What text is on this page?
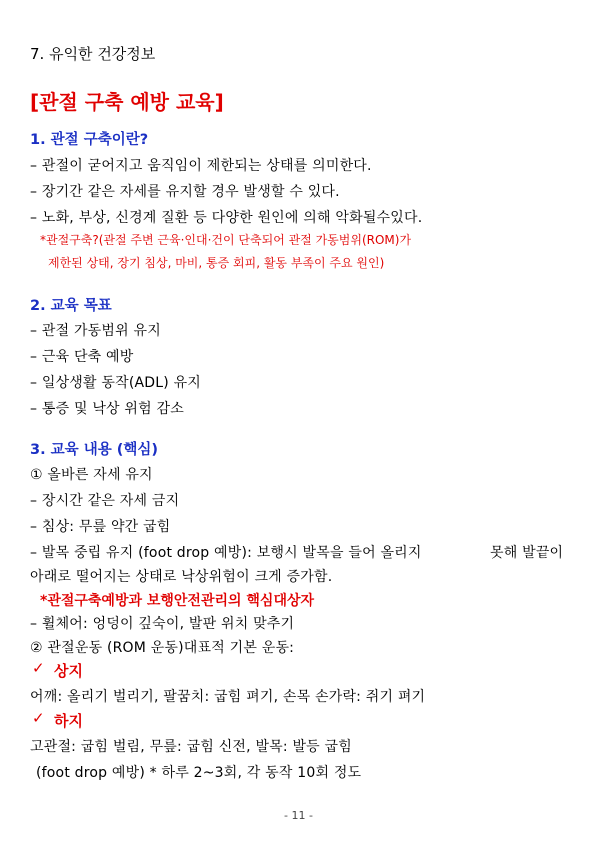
7. 유익한 건강정보
[관절 구축 예방 교육]
1. 관절 구축이란?
– 관절이 굳어지고 움직임이 제한되는 상태를 의미한다.
– 장기간 같은 자세를 유지할 경우 발생할 수 있다.
– 노화, 부상, 신경계 질환 등 다양한 원인에 의해 악화될수있다.
*관절구축?(관절 주변 근육·인대·건이 단축되어 관절 가동범위(ROM)가
제한된 상태, 장기 침상, 마비, 통증 회피, 활동 부족이 주요 원인)
2. 교육 목표
– 관절 가동범위 유지
– 근육 단축 예방
– 일상생활 동작(ADL) 유지
– 통증 및 낙상 위험 감소
3. 교육 내용 (핵심)
① 올바른 자세 유지
– 장시간 같은 자세 금지
– 침상: 무릎 약간 굽힘
– 발목 중립 유지 (foot drop 예방): 보행시 발목을 들어 올리지	못해 발끝이
아래로 떨어지는 상태로 낙상위험이 크게 증가함.
*관절구축예방과 보행안전관리의 핵심대상자
– 휠체어: 엉덩이 깊숙이, 발판 위치 맞추기
② 관절운동 (ROM 운동)대표적 기본 운동:
✓ 상지
어깨: 올리기 벌리기, 팔꿈치: 굽힘 펴기, 손목 손가락: 쥐기 펴기
✓ 하지
고관절: 굽힘 벌림, 무릎: 굽힘 신전, 발목: 발등 굽힘
(foot drop 예방) * 하루 2~3회, 각 동작 10회 정도
- 11 -
